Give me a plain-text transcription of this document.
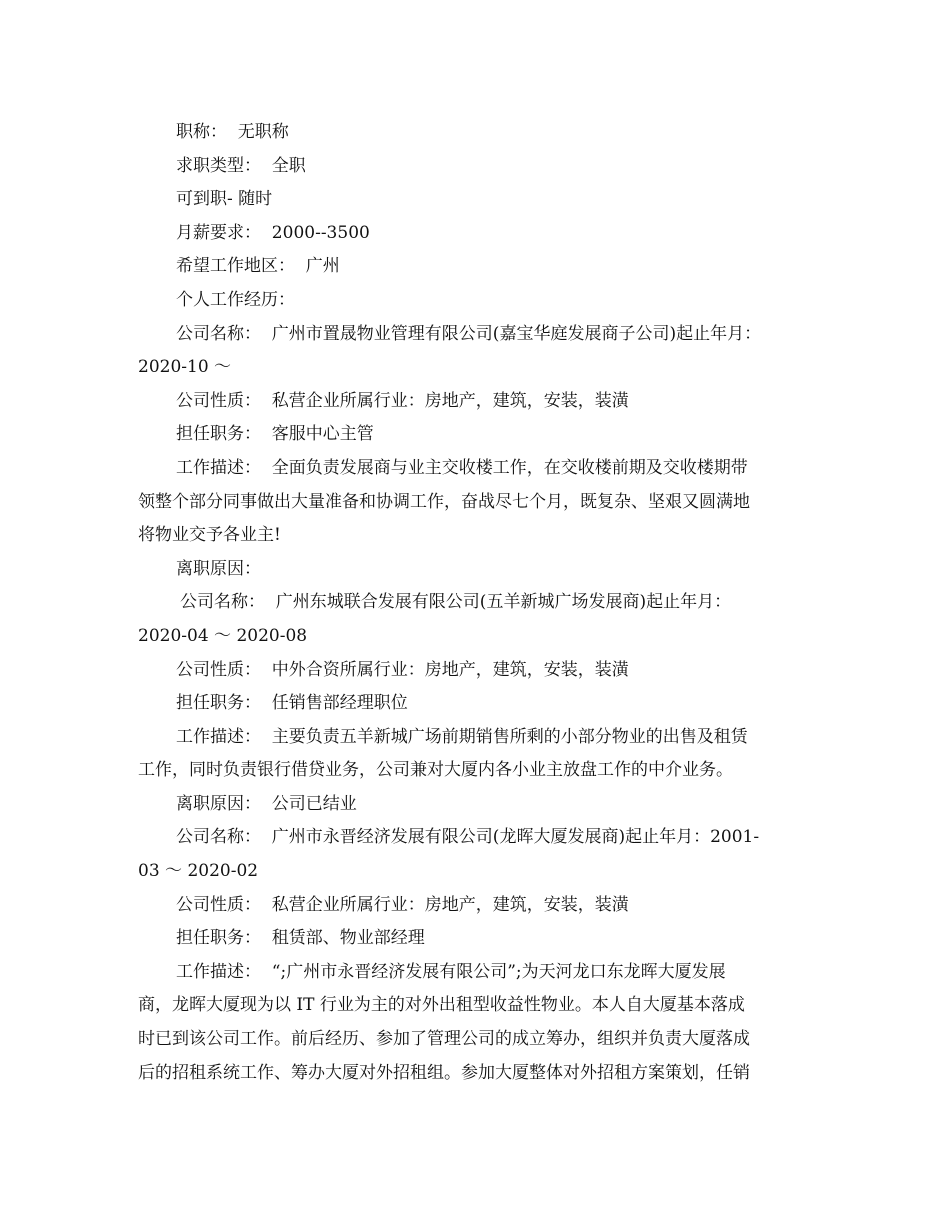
职称：  无职称
求职类型：  全职
可到职- 随时
月薪要求：  2000--3500
希望工作地区：  广州
个人工作经历：
公司名称：  广州市置晟物业管理有限公司(嘉宝华庭发展商子公司)起止年月：
2020-10 ～
公司性质：  私营企业所属行业：房地产，建筑，安装，装潢
担任职务：  客服中心主管
工作描述：  全面负责发展商与业主交收楼工作，在交收楼前期及交收楼期带
领整个部分同事做出大量准备和协调工作，奋战尽七个月，既复杂、坚艰又圆满地
将物业交予各业主!
离职原因：
公司名称：  广州东城联合发展有限公司(五羊新城广场发展商)起止年月：
2020-04 ～ 2020-08
公司性质：  中外合资所属行业：房地产，建筑，安装，装潢
担任职务：  任销售部经理职位
工作描述：  主要负责五羊新城广场前期销售所剩的小部分物业的出售及租赁
工作，同时负责银行借贷业务，公司兼对大厦内各小业主放盘工作的中介业务。
离职原因：  公司已结业
公司名称：  广州市永晋经济发展有限公司(龙晖大厦发展商)起止年月：2001-
03 ～ 2020-02
公司性质：  私营企业所属行业：房地产，建筑，安装，装潢
担任职务：  租赁部、物业部经理
工作描述：  “;广州市永晋经济发展有限公司”;为天河龙口东龙晖大厦发展
商，龙晖大厦现为以 IT 行业为主的对外出租型收益性物业。本人自大厦基本落成
时已到该公司工作。前后经历、参加了管理公司的成立筹办，组织并负责大厦落成
后的招租系统工作、筹办大厦对外招租组。参加大厦整体对外招租方案策划，任销
